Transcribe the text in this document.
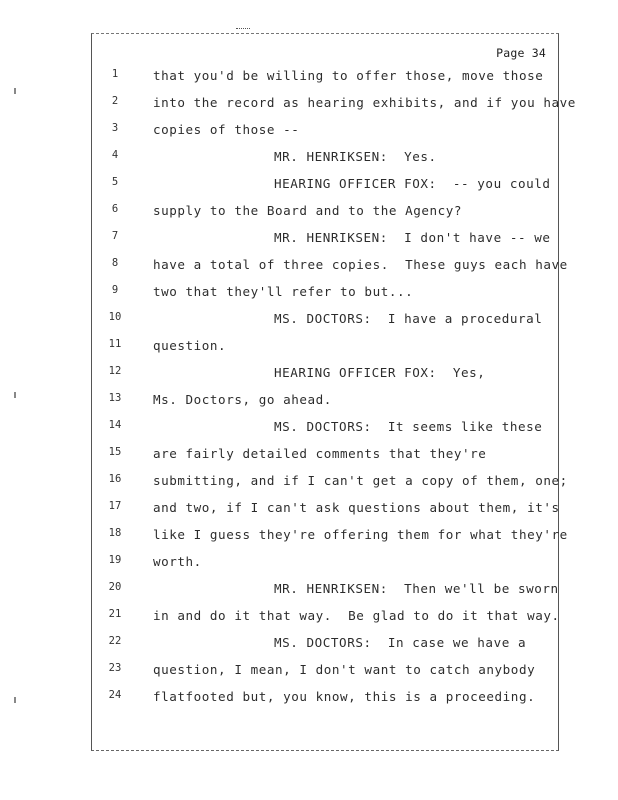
Page 34
1	that you'd be willing to offer those, move those
2	into the record as hearing exhibits, and if you have
3	copies of those --
4	MR. HENRIKSEN:  Yes.
5	HEARING OFFICER FOX:  -- you could
6	supply to the Board and to the Agency?
7	MR. HENRIKSEN:  I don't have -- we
8	have a total of three copies.  These guys each have
9	two that they'll refer to but...
10	MS. DOCTORS:  I have a procedural
11	question.
12	HEARING OFFICER FOX:  Yes,
13	Ms. Doctors, go ahead.
14	MS. DOCTORS:  It seems like these
15	are fairly detailed comments that they're
16	submitting, and if I can't get a copy of them, one;
17	and two, if I can't ask questions about them, it's
18	like I guess they're offering them for what they're
19	worth.
20	MR. HENRIKSEN:  Then we'll be sworn
21	in and do it that way.  Be glad to do it that way.
22	MS. DOCTORS:  In case we have a
23	question, I mean, I don't want to catch anybody
24	flatfooted but, you know, this is a proceeding.
